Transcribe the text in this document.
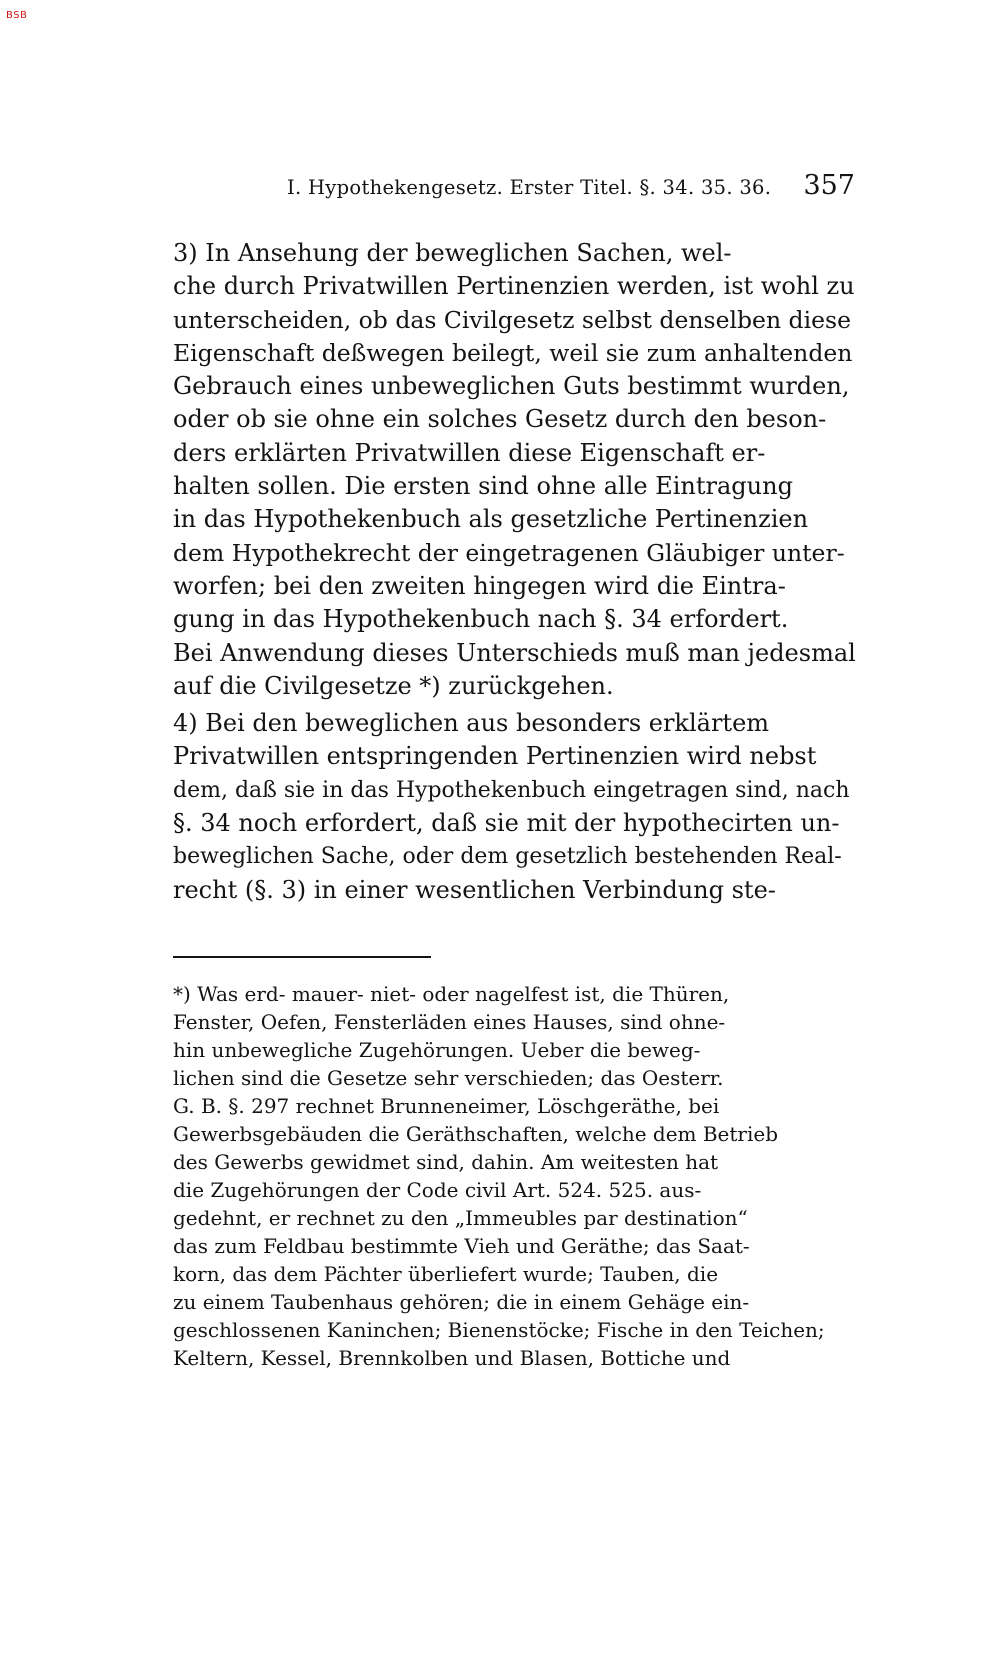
BSB
I. Hypothekengesetz. Erster Titel. §. 34. 35. 36. 357
3) In Ansehung der beweglichen Sachen, wel-
che durch Privatwillen Pertinenzien werden, ist wohl zu
unterscheiden, ob das Civilgesetz selbst denselben diese
Eigenschaft deßwegen beilegt, weil sie zum anhaltenden
Gebrauch eines unbeweglichen Guts bestimmt wurden,
oder ob sie ohne ein solches Gesetz durch den beson-
ders erklärten Privatwillen diese Eigenschaft er-
halten sollen. Die ersten sind ohne alle Eintragung
in das Hypothekenbuch als gesetzliche Pertinenzien
dem Hypothekrecht der eingetragenen Gläubiger unter-
worfen; bei den zweiten hingegen wird die Eintra-
gung in das Hypothekenbuch nach §. 34 erfordert.
Bei Anwendung dieses Unterschieds muß man jedesmal
auf die Civilgesetze *) zurückgehen.
4) Bei den beweglichen aus besonders erklärtem
Privatwillen entspringenden Pertinenzien wird nebst
dem, daß sie in das Hypothekenbuch eingetragen sind, nach
§. 34 noch erfordert, daß sie mit der hypothecirten un-
beweglichen Sache, oder dem gesetzlich bestehenden Real-
recht (§. 3) in einer wesentlichen Verbindung ste-
*) Was erd- mauer- niet- oder nagelfest ist, die Thüren,
Fenster, Oefen, Fensterläden eines Hauses, sind ohne-
hin unbewegliche Zugehörungen. Ueber die beweg-
lichen sind die Gesetze sehr verschieden; das Oesterr.
G. B. §. 297 rechnet Brunneneimer, Löschgeräthe, bei
Gewerbsgebäuden die Geräthschaften, welche dem Betrieb
des Gewerbs gewidmet sind, dahin. Am weitesten hat
die Zugehörungen der Code civil Art. 524. 525. aus-
gedehnt, er rechnet zu den „Immeubles par destination“
das zum Feldbau bestimmte Vieh und Geräthe; das Saat-
korn, das dem Pächter überliefert wurde; Tauben, die
zu einem Taubenhaus gehören; die in einem Gehäge ein-
geschlossenen Kaninchen; Bienenstöcke; Fische in den Teichen;
Keltern, Kessel, Brennkolben und Blasen, Bottiche und
